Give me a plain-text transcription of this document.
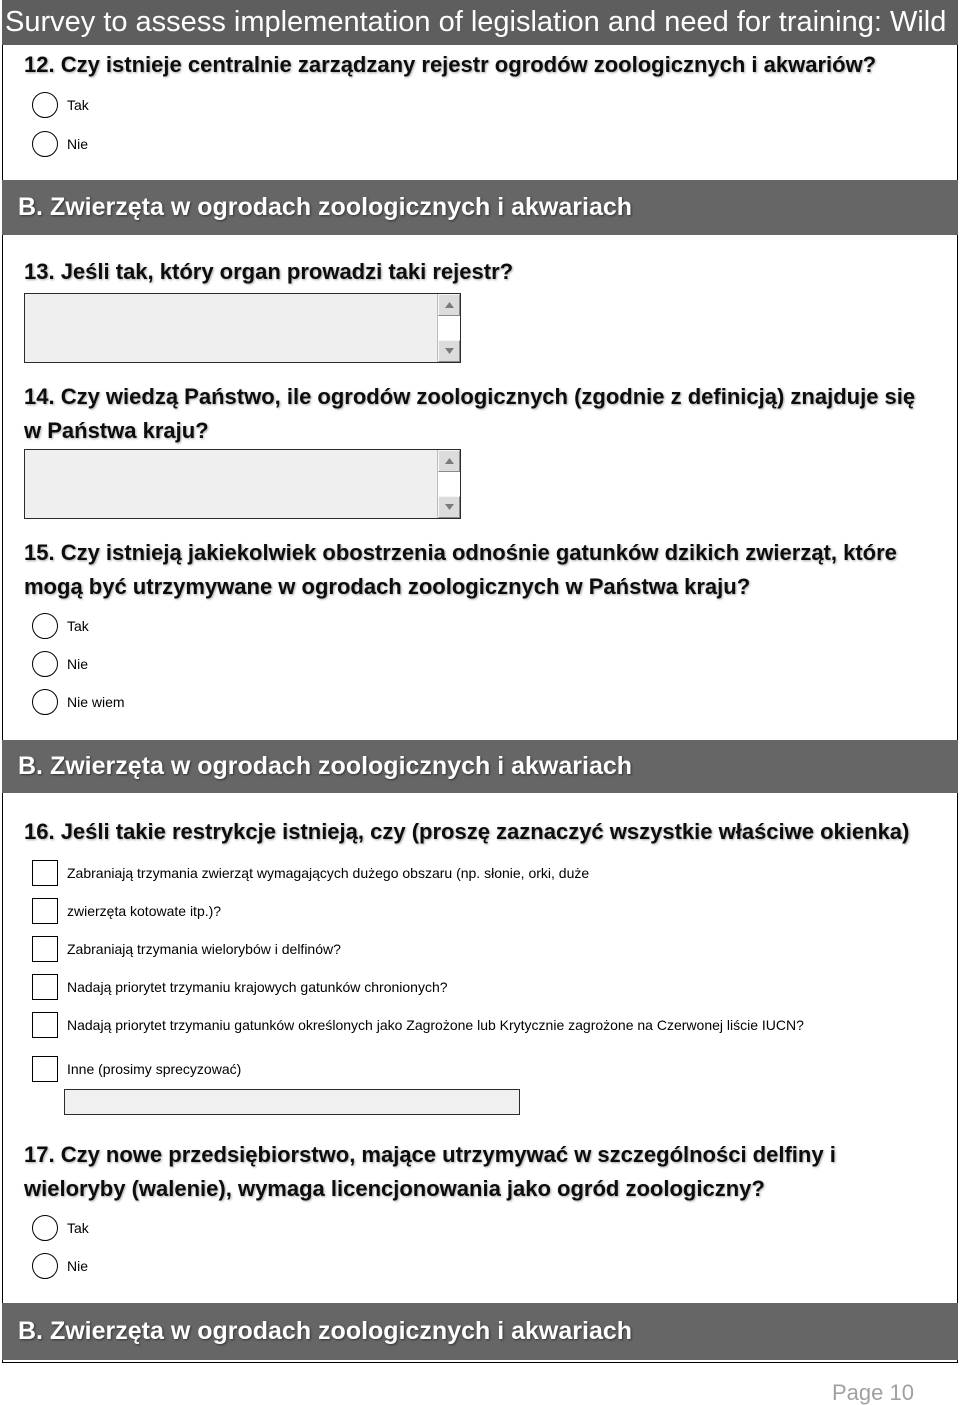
Survey to assess implementation of legislation and need for training: Wild
12. Czy istnieje centralnie zarządzany rejestr ogrodów zoologicznych i akwariów?
Tak
Nie
B. Zwierzęta w ogrodach zoologicznych i akwariach
13. Jeśli tak, który organ prowadzi taki rejestr?
14. Czy wiedzą Państwo, ile ogrodów zoologicznych (zgodnie z definicją) znajduje się
w Państwa kraju?
15. Czy istnieją jakiekolwiek obostrzenia odnośnie gatunków dzikich zwierząt, które
mogą być utrzymywane w ogrodach zoologicznych w Państwa kraju?
Tak
Nie
Nie wiem
B. Zwierzęta w ogrodach zoologicznych i akwariach
16. Jeśli takie restrykcje istnieją, czy (proszę zaznaczyć wszystkie właściwe okienka)
Zabraniają trzymania zwierząt wymagających dużego obszaru (np. słonie, orki, duże
zwierzęta kotowate itp.)?
Zabraniają trzymania wielorybów i delfinów?
Nadają priorytet trzymaniu krajowych gatunków chronionych?
Nadają priorytet trzymaniu gatunków określonych jako Zagrożone lub Krytycznie zagrożone na Czerwonej liście IUCN?
Inne (prosimy sprecyzować)
17. Czy nowe przedsiębiorstwo, mające utrzymywać w szczególności delfiny i
wieloryby (walenie), wymaga licencjonowania jako ogród zoologiczny?
Tak
Nie
B. Zwierzęta w ogrodach zoologicznych i akwariach
Page 10
